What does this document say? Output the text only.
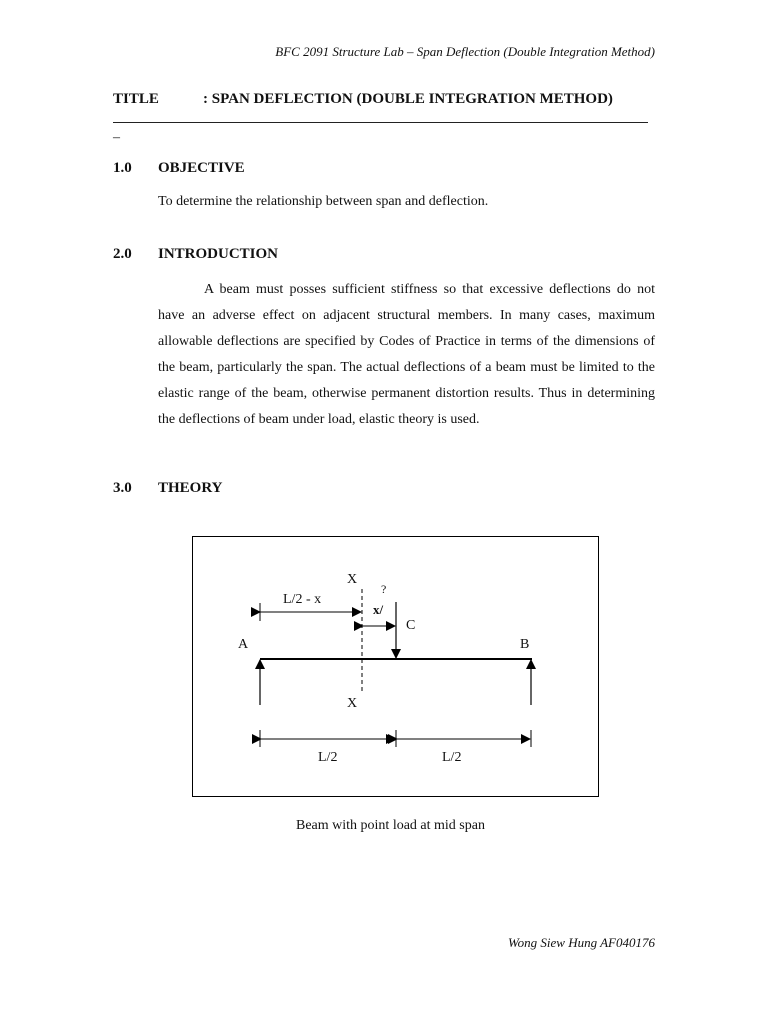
BFC 2091 Structure Lab – Span Deflection (Double Integration Method)
TITLE	: SPAN DEFLECTION (DOUBLE INTEGRATION METHOD)
–
1.0 OBJECTIVE
To determine the relationship between span and deflection.
2.0 INTRODUCTION

A beam must posses sufficient stiffness so that excessive deflections do not have an adverse effect on adjacent structural members. In many cases, maximum allowable deflections are specified by Codes of Practice in terms of the dimensions of the beam, particularly the span. The actual deflections of a beam must be limited to the elastic range of the beam, otherwise permanent distortion results. Thus in determining the deflections of beam under load, elastic theory is used.

3.0 THEORY
X
X
L/2 - x
?
x/
C
A	B
L/2	L/2
Beam with point load at mid span
Wong Siew Hung AF040176
